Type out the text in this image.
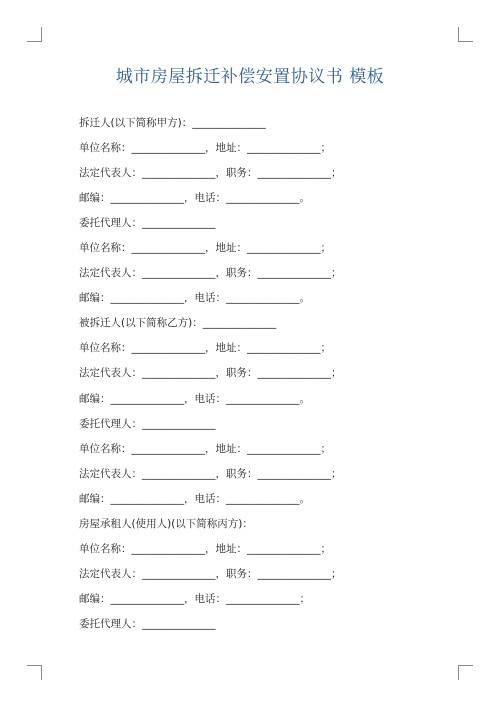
城市房屋拆迁补偿安置协议书 模板
拆迁人(以下简称甲方)：______________
单位名称：______________，地址：______________；
法定代表人：______________，职务：______________；
邮编：______________，电话：______________。
委托代理人：______________
单位名称：______________，地址：______________；
法定代表人：______________，职务：______________；
邮编：______________，电话：______________。
被拆迁人(以下简称乙方)：______________
单位名称：______________，地址：______________；
法定代表人：______________，职务：______________；
邮编：______________，电话：______________。
委托代理人：______________
单位名称：______________，地址：______________；
法定代表人：______________，职务：______________；
邮编：______________，电话：______________。
房屋承租人(使用人)(以下简称丙方)：
单位名称：______________，地址：______________；
法定代表人：______________，职务：______________；
邮编：______________，电话：______________；
委托代理人：______________
